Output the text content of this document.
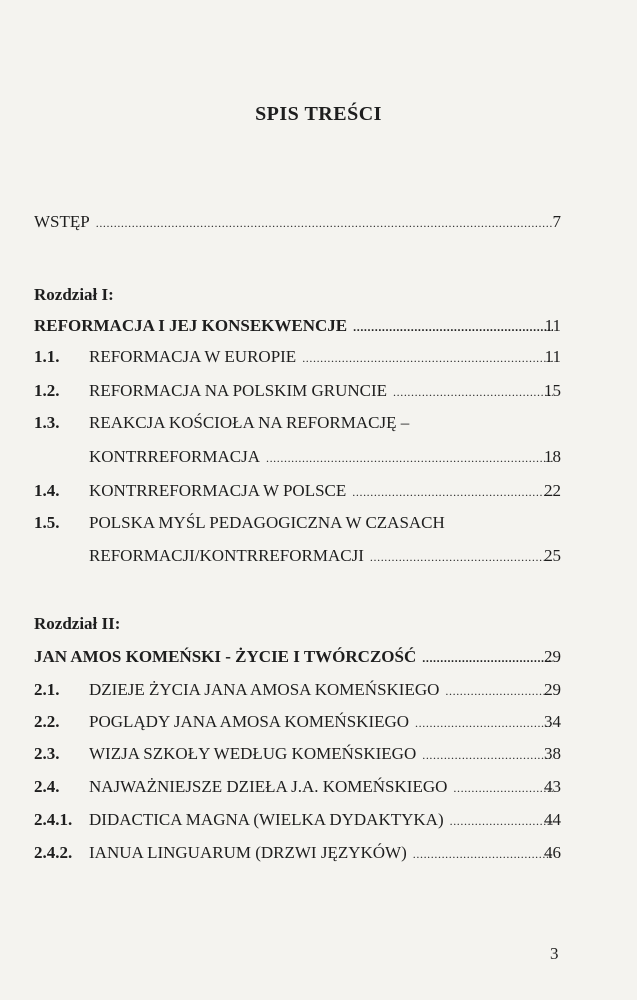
SPIS TREŚCI
WSTĘP .....	7
Rozdział I:
REFORMACJA I JEJ KONSEKWENCJE .....	11
1.1.	REFORMACJA W EUROPIE .....	11
1.2.	REFORMACJA NA POLSKIM GRUNCIE .....	15
1.3.	REAKCJA KOŚCIOŁA NA REFORMACJĘ –
KONTRREFORMACJA .....	18
1.4.	KONTRREFORMACJA W POLSCE .....	22
1.5.	POLSKA MYŚL PEDAGOGICZNA W CZASACH
REFORMACJI/KONTRREFORMACJI .....	25
Rozdział II:
JAN AMOS KOMEŃSKI - ŻYCIE I TWÓRCZOŚĆ .....	29
2.1.	DZIEJE ŻYCIA JANA AMOSA KOMEŃSKIEGO .....	29
2.2.	POGLĄDY JANA AMOSA KOMEŃSKIEGO .....	34
2.3.	WIZJA SZKOŁY WEDŁUG KOMEŃSKIEGO .....	38
2.4.	NAJWAŻNIEJSZE DZIEŁA J.A. KOMEŃSKIEGO .....	43
2.4.1. DIDACTICA MAGNA (WIELKA DYDAKTYKA) .....	44
2.4.2. IANUA LINGUARUM (DRZWI JĘZYKÓW) .....	46
3
